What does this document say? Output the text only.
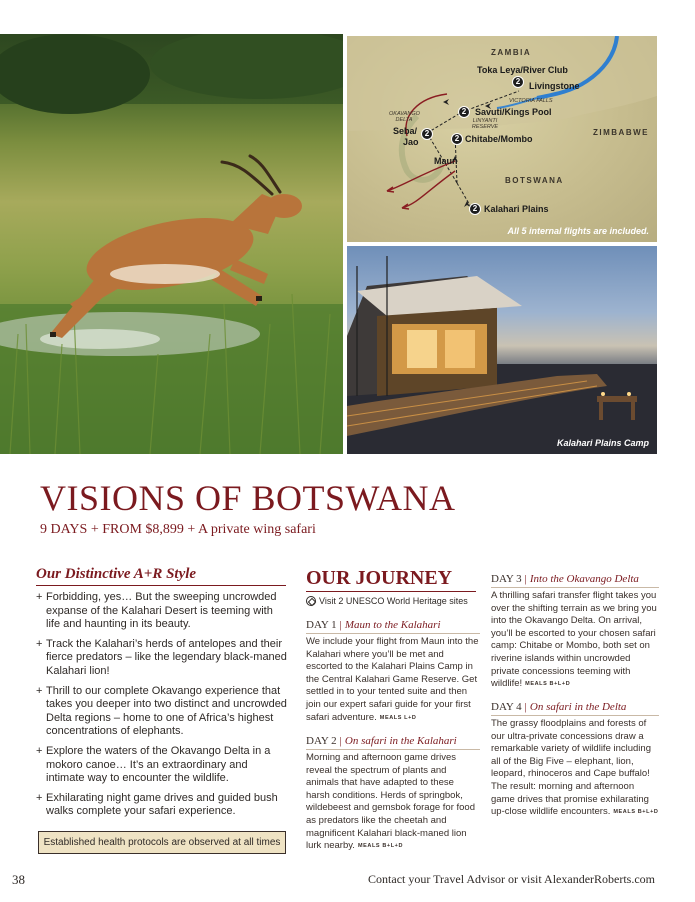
ZAMBIA
ZIMBABWE
BOTSWANA
Toka Leya/River Club
Livingstone
Savuti/Kings Pool
Seba/
Jao	Chitabe/Mombo
Maun
Kalahari Plains
VICTORIA FALLS
OKAVANGO DELTA	LINYANTI RESERVE
2
2
2
2
2
All 5 internal flights are included.
Kalahari Plains Camp
VISIONS OF BOTSWANA
9 DAYS + FROM $8,899 + A private wing safari
Our Distinctive A+R Style
+ Forbidding, yes… But the sweeping uncrowded expanse of the Kalahari Desert is teeming with life and haunting in its beauty.
+ Track the Kalahari’s herds of antelopes and their fierce predators – like the legendary black-maned Kalahari lion!
+ Thrill to our complete Okavango experience that takes you deeper into two distinct and uncrowded Delta regions – home to one of Africa’s highest concentrations of elephants.
+ Explore the waters of the Okavango Delta in a mokoro canoe… It’s an extraordinary and intimate way to encounter the wildlife.
+ Exhilarating night game drives and guided bush walks complete your safari experience.
Established health protocols are observed at all times
OUR JOURNEY
Visit 2 UNESCO World Heritage sites
DAY 1 | Maun to the Kalahari

We include your flight from Maun into the Kalahari where you’ll be met and escorted to the Kalahari Plains Camp in the Central Kalahari Game Reserve. Get settled in to your tented suite and then join our expert safari guide for your first safari adventure. MEALS L+D

DAY 2 | On safari in the Kalahari

Morning and afternoon game drives reveal the spectrum of plants and animals that have adapted to these harsh conditions. Herds of springbok, wildebeest and gemsbok forage for food as predators like the cheetah and magnificent Kalahari black-maned lion lurk nearby. MEALS B+L+D

DAY 3 | Into the Okavango Delta

A thrilling safari transfer flight takes you over the shifting terrain as we bring you into the Okavango Delta. On arrival, you’ll be escorted to your chosen safari camp: Chitabe or Mombo, both set on riverine islands within uncrowded private concessions teeming with wildlife! MEALS B+L+D

DAY 4 | On safari in the Delta

The grassy floodplains and forests of our ultra-private concessions draw a remarkable variety of wildlife including all of the Big Five – elephant, lion, leopard, rhinoceros and Cape buffalo! The result: morning and afternoon game drives that promise exhilarating up-close wildlife encounters. MEALS B+L+D

38	Contact your Travel Advisor or visit AlexanderRoberts.com
